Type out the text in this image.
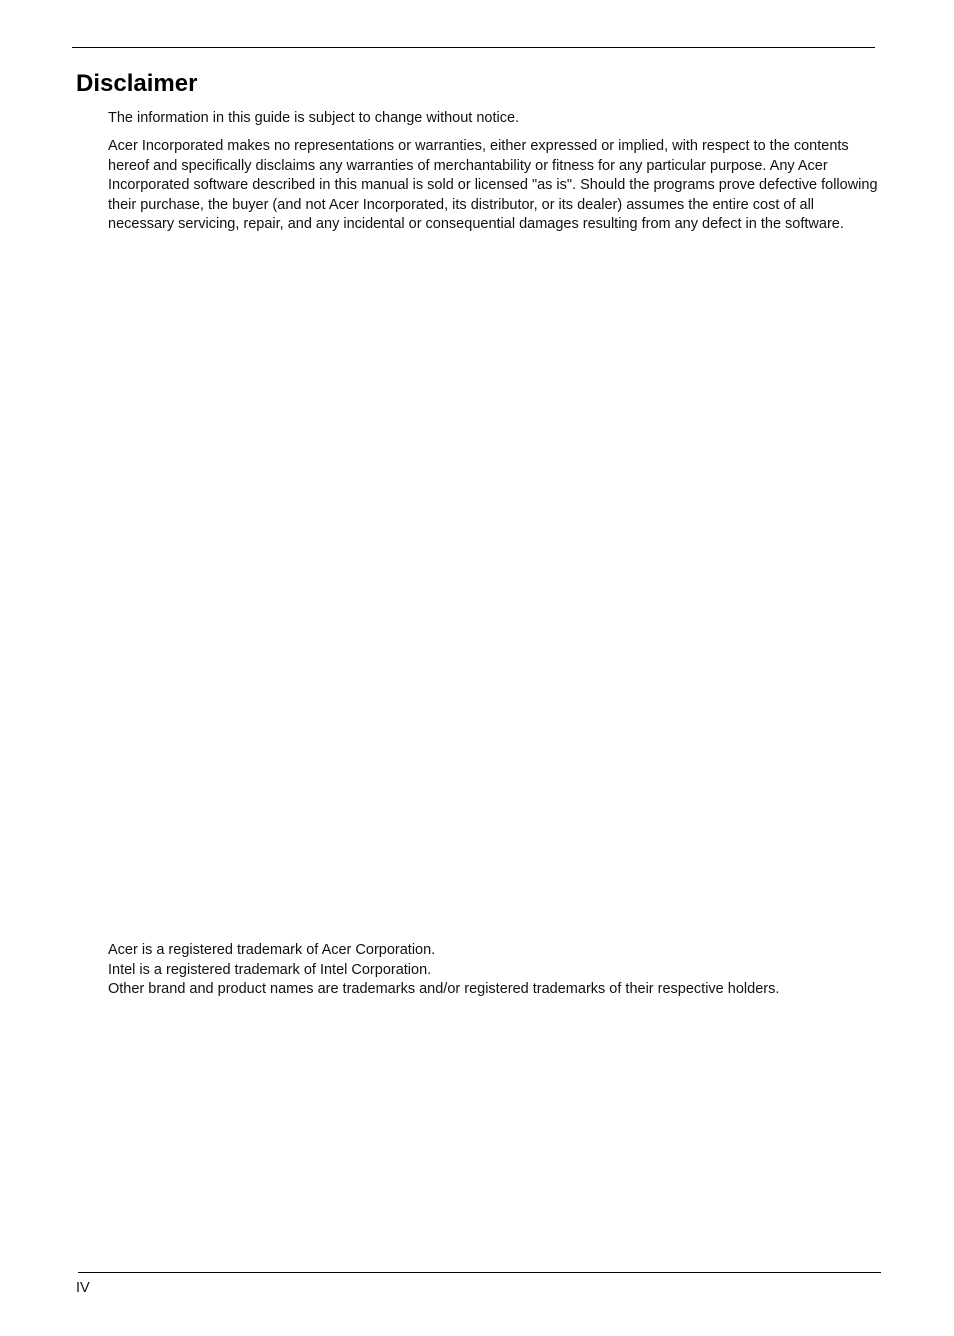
Disclaimer

The information in this guide is subject to change without notice.

Acer Incorporated makes no representations or warranties, either expressed or implied, with respect to the contents hereof and specifically disclaims any warranties of merchantability or fitness for any particular purpose. Any Acer Incorporated software described in this manual is sold or licensed "as is". Should the programs prove defective following their purchase, the buyer (and not Acer Incorporated, its distributor, or its dealer) assumes the entire cost of all necessary servicing, repair, and any incidental or consequential damages resulting from any defect in the software.

Acer is a registered trademark of Acer Corporation.

Intel is a registered trademark of Intel Corporation.

Other brand and product names are trademarks and/or registered trademarks of their respective holders.

IV
